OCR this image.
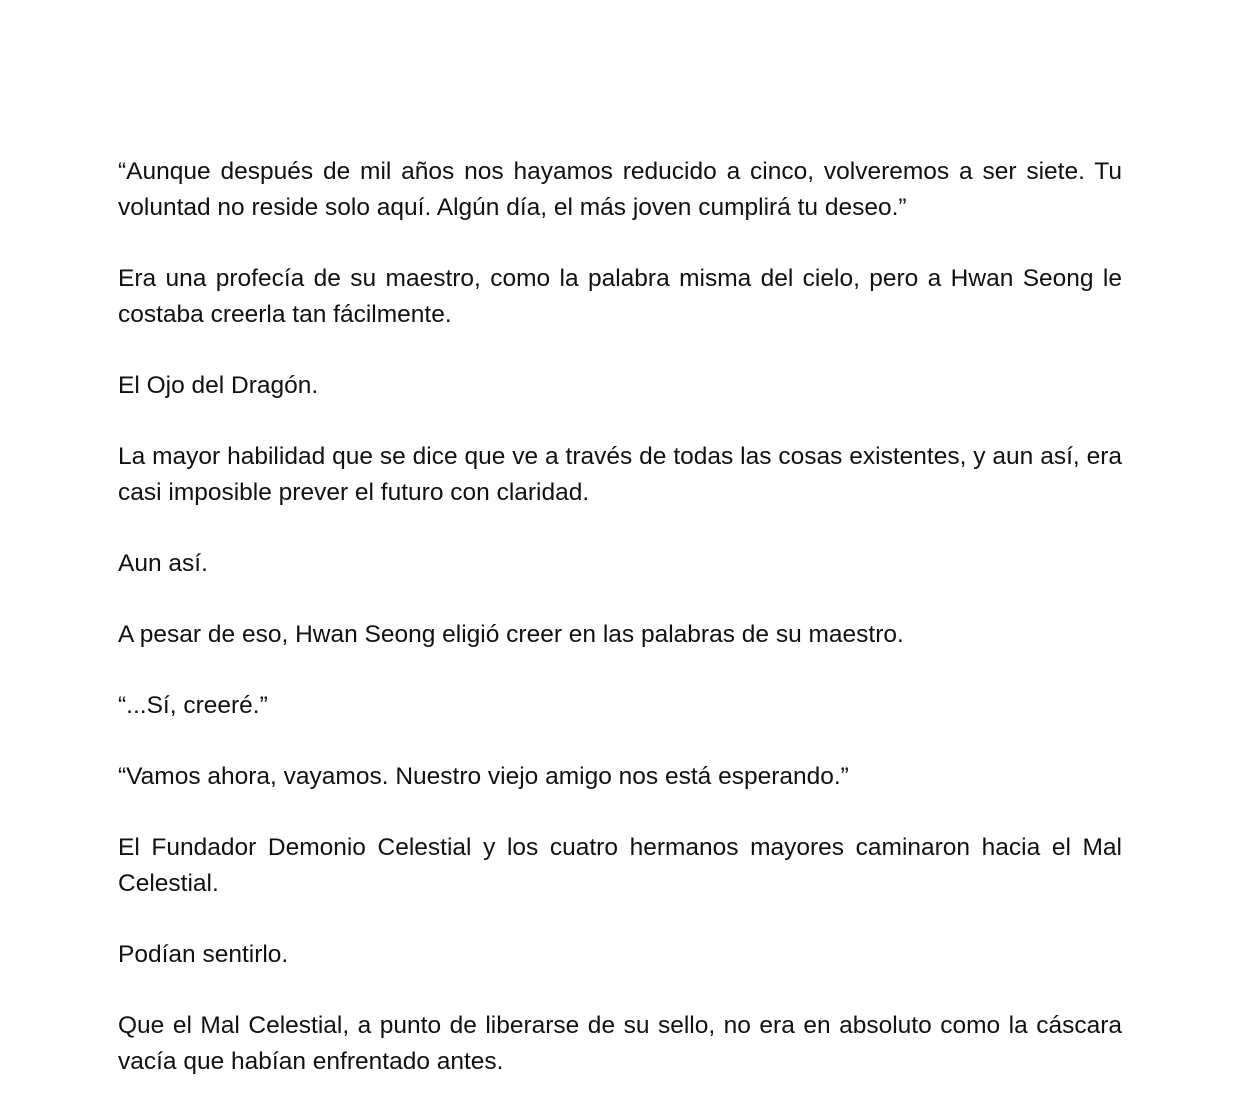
“Aunque después de mil años nos hayamos reducido a cinco, volveremos a ser siete. Tu voluntad no reside solo aquí. Algún día, el más joven cumplirá tu deseo.”

Era una profecía de su maestro, como la palabra misma del cielo, pero a Hwan Seong le costaba creerla tan fácilmente.

El Ojo del Dragón.

La mayor habilidad que se dice que ve a través de todas las cosas existentes, y aun así, era casi imposible prever el futuro con claridad.

Aun así.

A pesar de eso, Hwan Seong eligió creer en las palabras de su maestro.

“...Sí, creeré.”

“Vamos ahora, vayamos. Nuestro viejo amigo nos está esperando.”

El Fundador Demonio Celestial y los cuatro hermanos mayores caminaron hacia el Mal Celestial.

Podían sentirlo.

Que el Mal Celestial, a punto de liberarse de su sello, no era en absoluto como la cáscara vacía que habían enfrentado antes.
